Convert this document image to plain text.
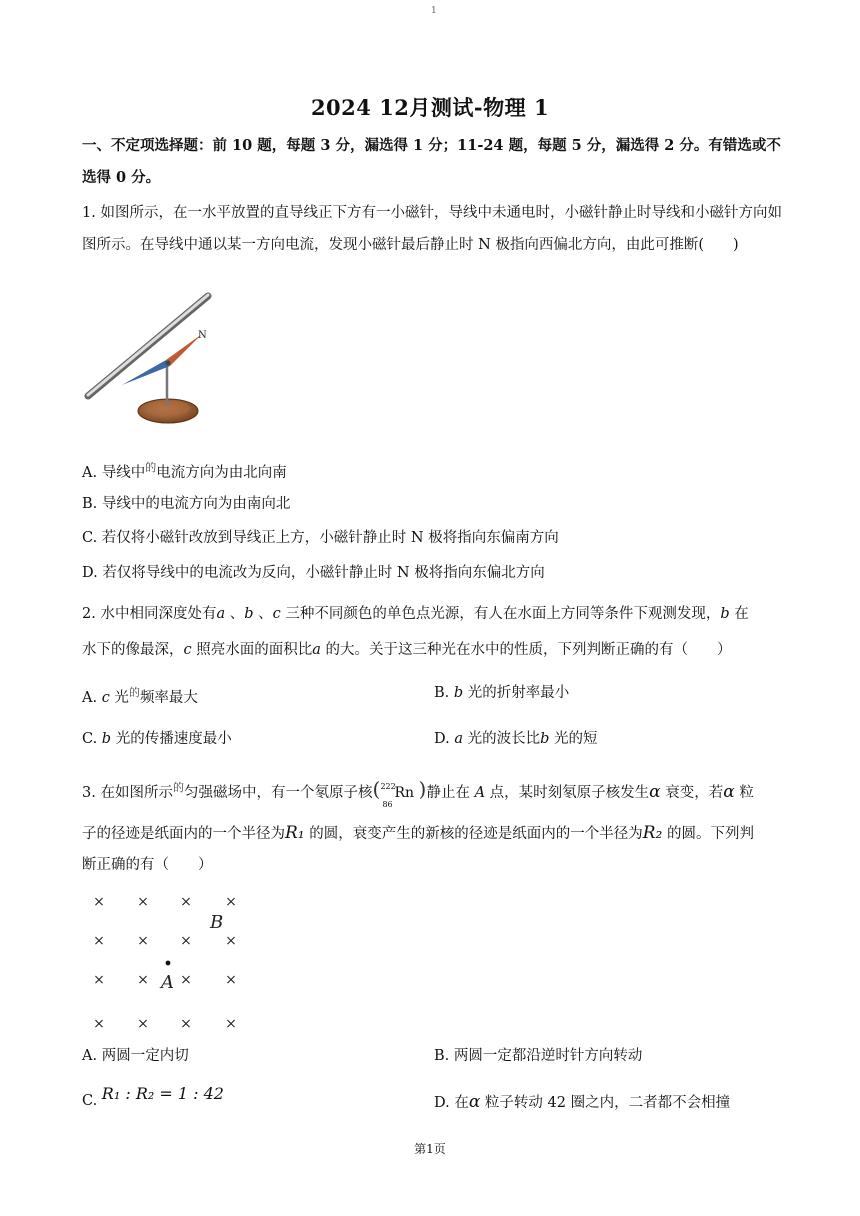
1
2024 12月测试-物理 1
一、不定项选择题：前 10 题，每题 3 分，漏选得 1 分；11-24 题，每题 5 分，漏选得 2 分。有错选或不选得 0 分。
1. 如图所示，在一水平放置的直导线正下方有一小磁针，导线中未通电时，小磁针静止时导线和小磁针方向如图所示。在导线中通以某一方向电流，发现小磁针最后静止时 N 极指向西偏北方向，由此可推断(　　)
N
A. 导线中$^的$电流方向为由北向南
B. 导线中的电流方向为由南向北
C. 若仅将小磁针改放到导线正上方，小磁针静止时 N 极将指向东偏南方向
D. 若仅将导线中的电流改为反向，小磁针静止时 N 极将指向东偏北方向
2. 水中相同深度处有a 、b 、c 三种不同颜色的单色点光源，有人在水面上方同等条件下观测发现，b 在
水下的像最深，c 照亮水面的面积比a 的大。关于这三种光在水中的性质，下列判断正确的有（　　）
A. c 光$^的$频率最大	B. b 光的折射率最小
C. b 光的传播速度最小	D. a 光的波长比b 光的短
3. 在如图所示$^的$匀强磁场中，有一个氡原子核 ( 222
86
Rn ) 静止在 A 点，某时刻氡原子核发生α 衰变，若α 粒
子的径迹是纸面内的一个半径为R₁ 的圆，衰变产生的新核的径迹是纸面内的一个半径为R₂ 的圆。下列判
断正确的有（　　）
× × × ×
× × × ×
× × × ×
× × × ×
B
A
A. 两圆一定内切	B. 两圆一定都沿逆时针方向转动
C. R₁ : R₂ = 1 : 42	D. 在α 粒子转动 42 圈之内，二者都不会相撞
第1页
